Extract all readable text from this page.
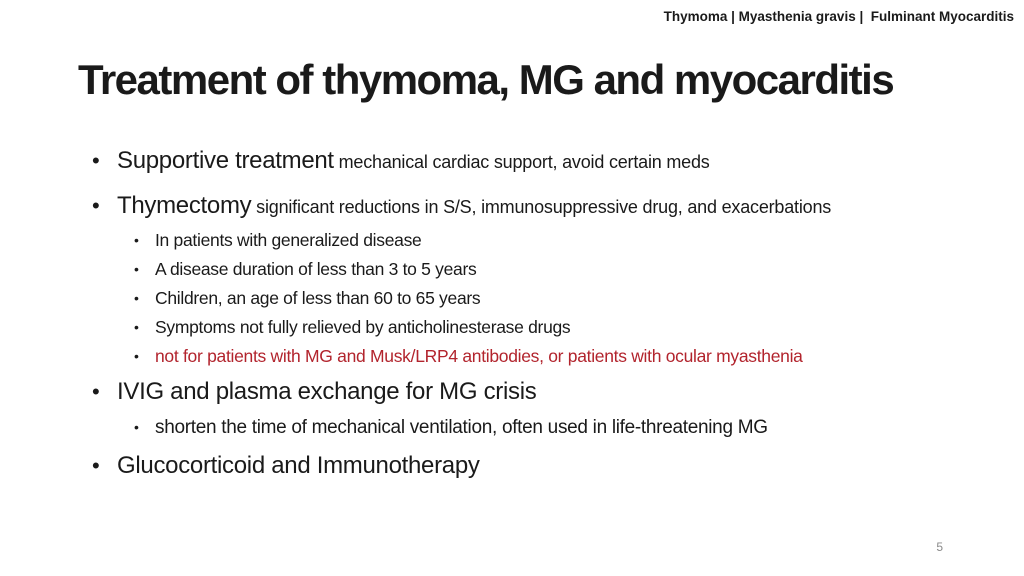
Thymoma | Myasthenia gravis |  Fulminant Myocarditis
Treatment of thymoma, MG and myocarditis
• Supportive treatment mechanical cardiac support, avoid certain meds
• Thymectomy significant reductions in S/S, immunosuppressive drug, and exacerbations
• In patients with generalized disease
• A disease duration of less than 3 to 5 years
• Children, an age of less than 60 to 65 years
• Symptoms not fully relieved by anticholinesterase drugs
• not for patients with MG and Musk/LRP4 antibodies, or patients with ocular myasthenia
• IVIG and plasma exchange for MG crisis
• shorten the time of mechanical ventilation, often used in life-threatening MG
• Glucocorticoid and Immunotherapy
5
